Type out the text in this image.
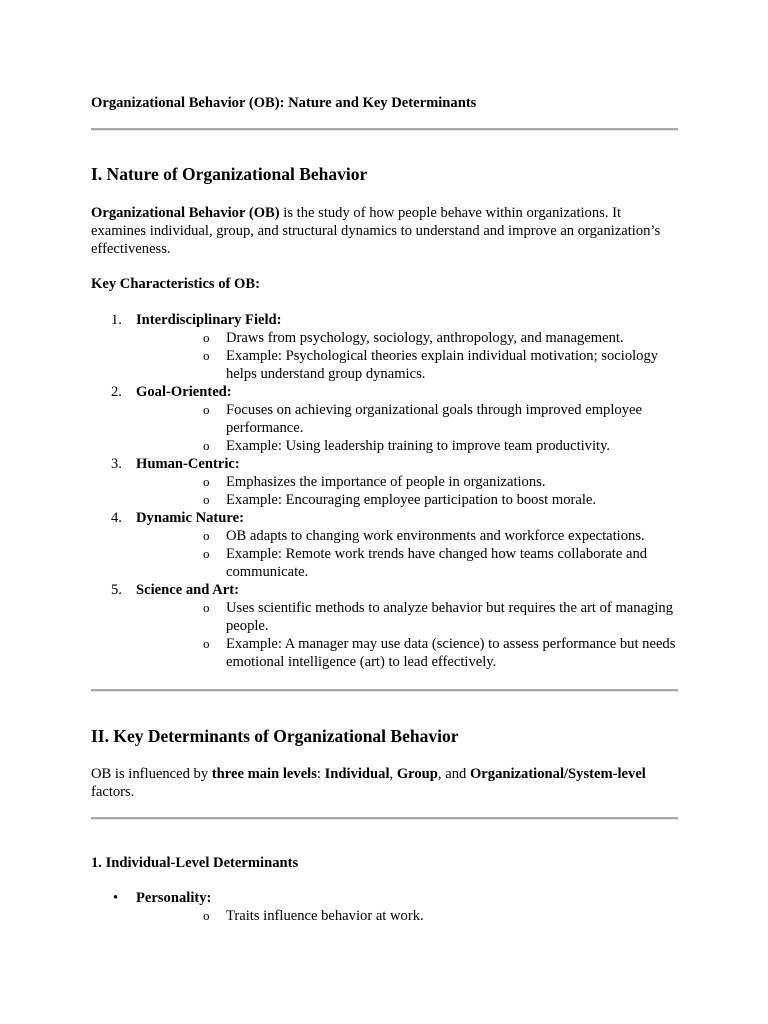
Organizational Behavior (OB): Nature and Key Determinants
I. Nature of Organizational Behavior

Organizational Behavior (OB) is the study of how people behave within organizations. It examines individual, group, and structural dynamics to understand and improve an organization’s effectiveness.

Key Characteristics of OB:
1. Interdisciplinary Field:
o Draws from psychology, sociology, anthropology, and management.
o Example: Psychological theories explain individual motivation; sociology helps understand group dynamics.
2. Goal-Oriented:
o Focuses on achieving organizational goals through improved employee performance.
o Example: Using leadership training to improve team productivity.
3. Human-Centric:
o Emphasizes the importance of people in organizations.
o Example: Encouraging employee participation to boost morale.
4. Dynamic Nature:
o OB adapts to changing work environments and workforce expectations.
o Example: Remote work trends have changed how teams collaborate and communicate.
5. Science and Art:
o Uses scientific methods to analyze behavior but requires the art of managing people.
o Example: A manager may use data (science) to assess performance but needs emotional intelligence (art) to lead effectively.
II. Key Determinants of Organizational Behavior

OB is influenced by three main levels: Individual, Group, and Organizational/System-level factors.

1. Individual-Level Determinants
• Personality:
o Traits influence behavior at work.
